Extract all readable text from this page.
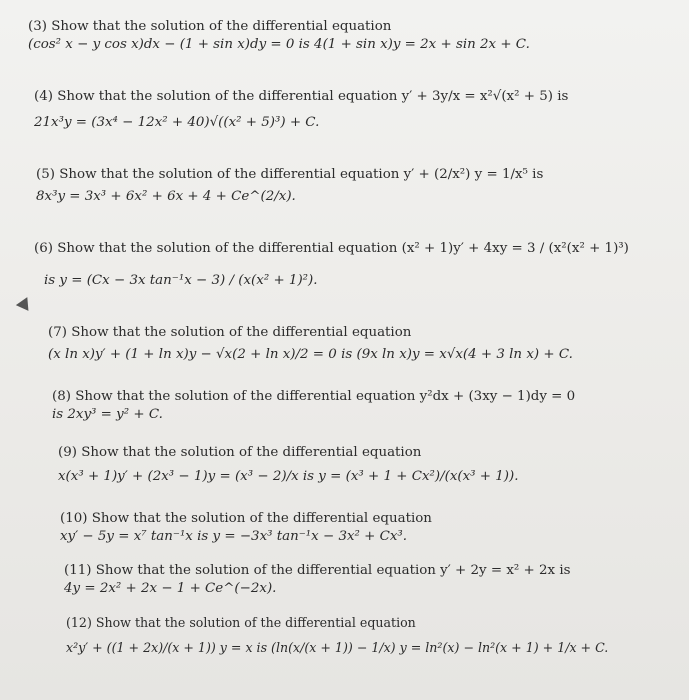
(3) Show that the solution of the differential equation
(cos² x − y cos x)dx − (1 + sin x)dy = 0 is 4(1 + sin x)y = 2x + sin 2x + C.
(4) Show that the solution of the differential equation y′ + 3y/x = x²√(x² + 5) is
21x³y = (3x⁴ − 12x² + 40)√((x² + 5)³) + C.
(5) Show that the solution of the differential equation y′ + (2/x²) y = 1/x⁵ is
8x³y = 3x³ + 6x² + 6x + 4 + Ce^(2/x).
(6) Show that the solution of the differential equation (x² + 1)y′ + 4xy = 3 / (x²(x² + 1)³)
is y = (Cx − 3x tan⁻¹x − 3) / (x(x² + 1)²).
(7) Show that the solution of the differential equation
(x ln x)y′ + (1 + ln x)y − √x(2 + ln x)/2 = 0 is (9x ln x)y = x√x(4 + 3 ln x) + C.
(8) Show that the solution of the differential equation y²dx + (3xy − 1)dy = 0
is 2xy³ = y² + C.
(9) Show that the solution of the differential equation
x(x³ + 1)y′ + (2x³ − 1)y = (x³ − 2)/x is y = (x³ + 1 + Cx²)/(x(x³ + 1)).
(10) Show that the solution of the differential equation
xy′ − 5y = x⁷ tan⁻¹x is y = −3x³ tan⁻¹x − 3x² + Cx³.
(11) Show that the solution of the differential equation y′ + 2y = x² + 2x is
4y = 2x² + 2x − 1 + Ce^(−2x).
(12) Show that the solution of the differential equation
x²y′ + ((1 + 2x)/(x + 1)) y = x is (ln(x/(x + 1)) − 1/x) y = ln²(x) − ln²(x + 1) + 1/x + C.
